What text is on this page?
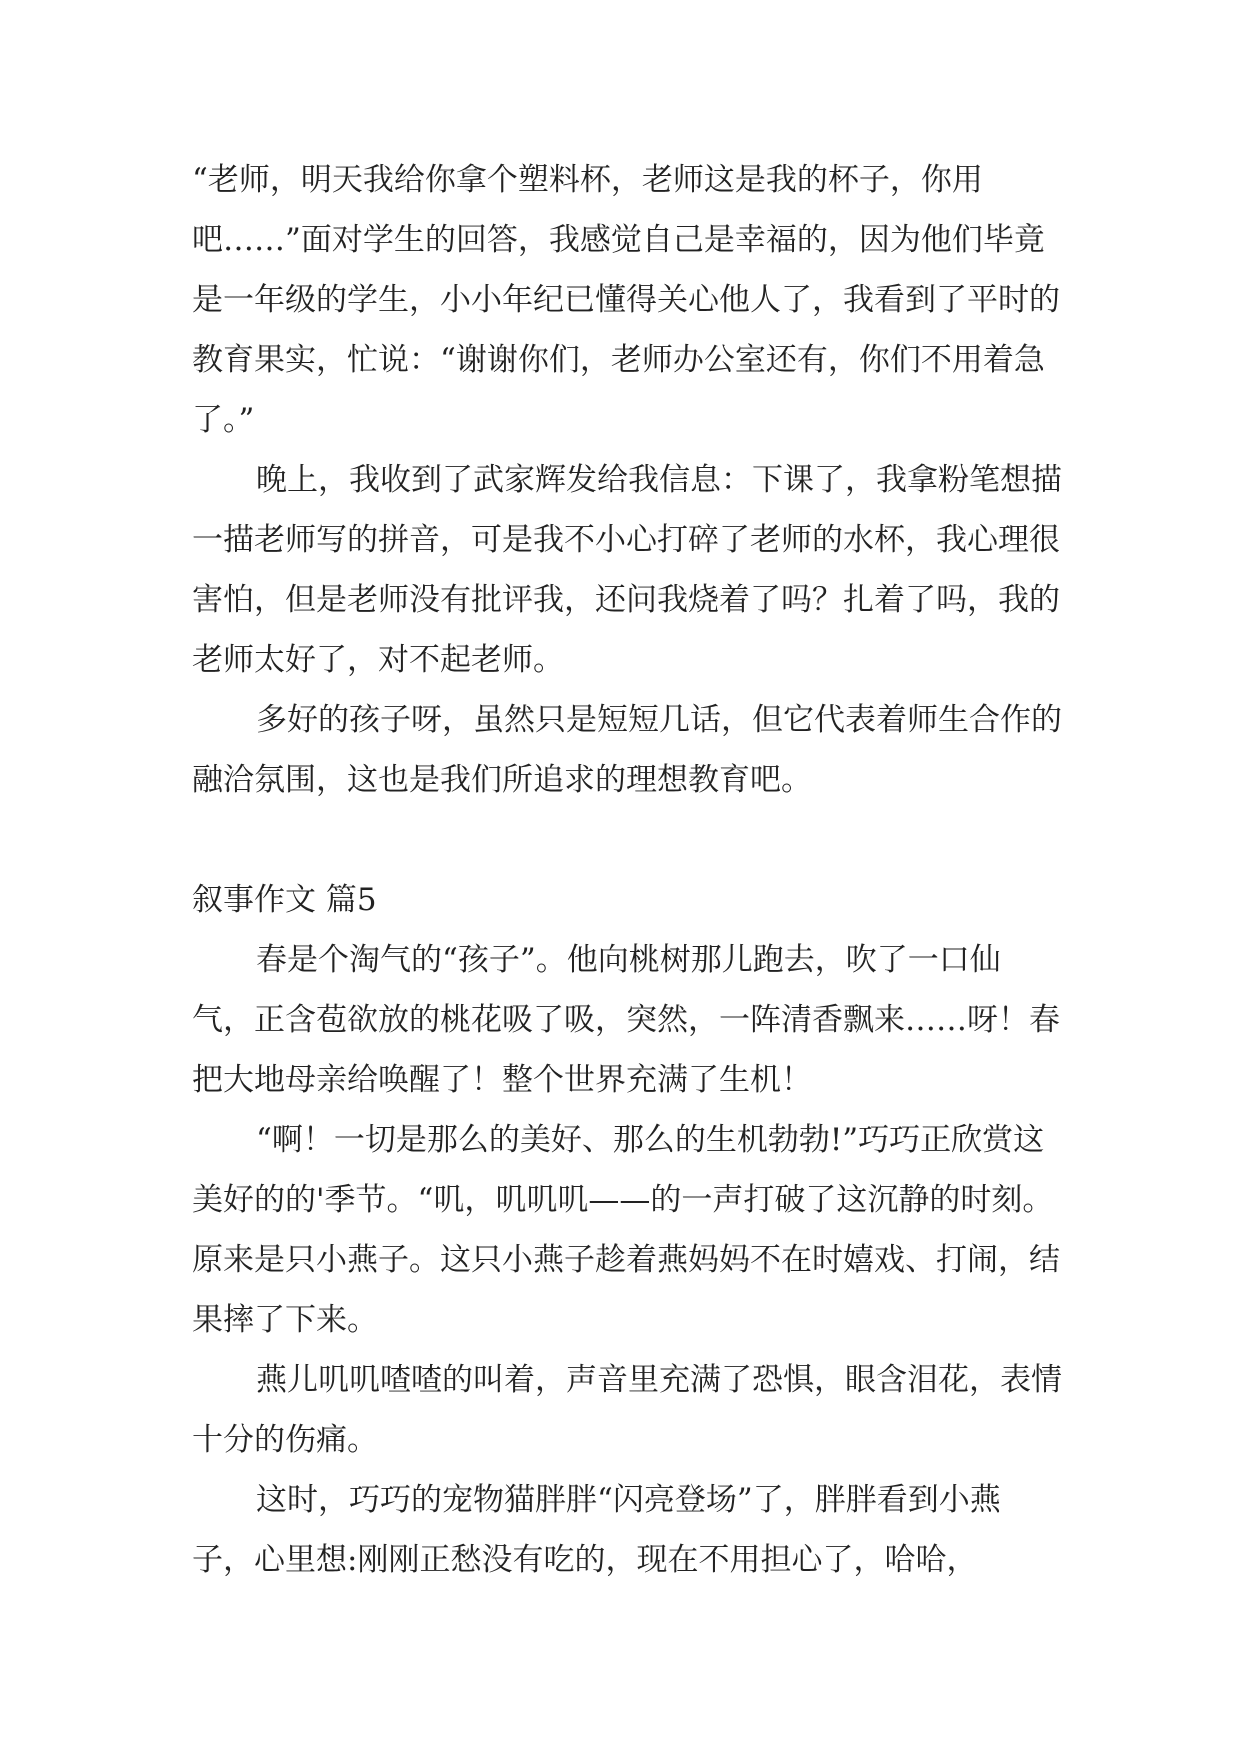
“老师，明天我给你拿个塑料杯，老师这是我的杯子，你用吧……”面对学生的回答，我感觉自己是幸福的，因为他们毕竟是一年级的学生，小小年纪已懂得关心他人了，我看到了平时的教育果实，忙说：“谢谢你们，老师办公室还有，你们不用着急了。”

晚上，我收到了武家辉发给我信息：下课了，我拿粉笔想描一描老师写的拼音，可是我不小心打碎了老师的水杯，我心理很害怕，但是老师没有批评我，还问我烧着了吗？扎着了吗，我的老师太好了，对不起老师。

多好的孩子呀，虽然只是短短几话，但它代表着师生合作的融洽氛围，这也是我们所追求的理想教育吧。

叙事作文 篇5

春是个淘气的“孩子”。他向桃树那儿跑去，吹了一口仙气，正含苞欲放的桃花吸了吸，突然，一阵清香飘来……呀！春把大地母亲给唤醒了！整个世界充满了生机！

“啊！一切是那么的美好、那么的生机勃勃!”巧巧正欣赏这美好的的'季节。“叽，叽叽叽——的一声打破了这沉静的时刻。原来是只小燕子。这只小燕子趁着燕妈妈不在时嬉戏、打闹，结果摔了下来。

燕儿叽叽喳喳的叫着，声音里充满了恐惧，眼含泪花，表情十分的伤痛。

这时，巧巧的宠物猫胖胖“闪亮登场”了，胖胖看到小燕子，心里想:刚刚正愁没有吃的，现在不用担心了，哈哈，
